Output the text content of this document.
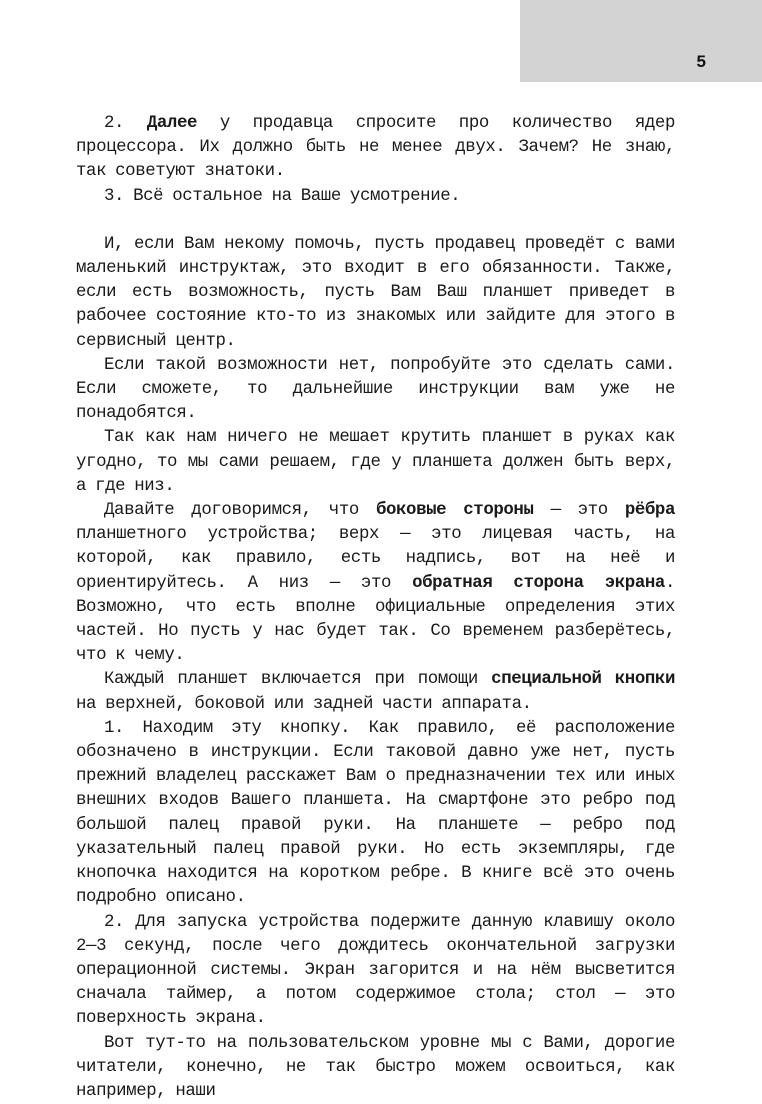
5

2. Далее у продавца спросите про количество ядер процессора. Их должно быть не менее двух. Зачем? Не знаю, так советуют знатоки.

3. Всё остальное на Ваше усмотрение.

И, если Вам некому помочь, пусть продавец проведёт с вами маленький инструктаж, это входит в его обязанности. Также, если есть возможность, пусть Вам Ваш планшет приведет в рабочее состояние кто-то из знакомых или зайдите для этого в сервисный центр.

Если такой возможности нет, попробуйте это сделать сами. Если сможете, то дальнейшие инструкции вам уже не понадобятся.

Так как нам ничего не мешает крутить планшет в руках как угодно, то мы сами решаем, где у планшета должен быть верх, а где низ.

Давайте договоримся, что боковые стороны — это рёбра планшетного устройства; верх — это лицевая часть, на которой, как правило, есть надпись, вот на неё и ориентируйтесь. А низ — это обратная сторона экрана. Возможно, что есть вполне официальные определения этих частей. Но пусть у нас будет так. Со временем разберётесь, что к чему.

Каждый планшет включается при помощи специальной кнопки на верхней, боковой или задней части аппарата.

1. Находим эту кнопку. Как правило, её расположение обозначено в инструкции. Если таковой давно уже нет, пусть прежний владелец расскажет Вам о предназначении тех или иных внешних входов Вашего планшета. На смартфоне это ребро под большой палец правой руки. На планшете — ребро под указательный палец правой руки. Но есть экземпляры, где кнопочка находится на коротком ребре. В книге всё это очень подробно описано.

2. Для запуска устройства подержите данную клавишу около 2—3 секунд, после чего дождитесь окончательной загрузки операционной системы. Экран загорится и на нём высветится сначала таймер, а потом содержимое стола; стол — это поверхность экрана.

Вот тут-то на пользовательском уровне мы с Вами, дорогие читатели, конечно, не так быстро можем освоиться, как например, наши
